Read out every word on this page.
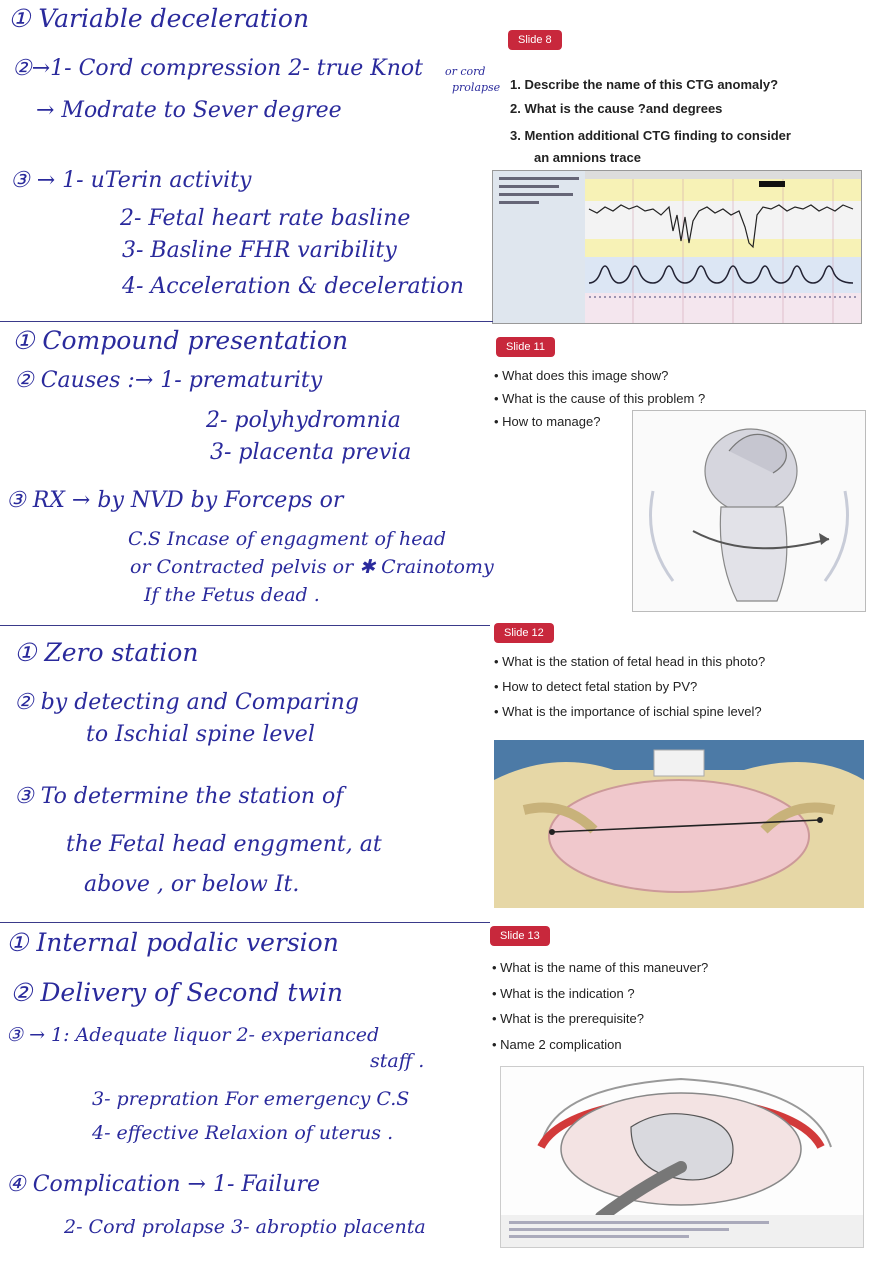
① Variable deceleration
②→1- Cord compression 2- true Knot or cord
prolapse
→ Modrate to Sever degree
③ → 1- uTerin activity
2- Fetal heart rate basline
3- Basline FHR varibility
4- Acceleration & deceleration
Slide 8
1. Describe the name of this CTG anomaly?
2. What is the cause ?and degrees
3. Mention additional CTG finding to consider
an amnions trace
① Compound presentation
② Causes :→ 1- prematurity
2- polyhydromnia
3- placenta previa
③ RX → by NVD by Forceps or
C.S Incase of engagment of head
or Contracted pelvis or ✱ Crainotomy
If the Fetus dead .
Slide 11
• What does this image show?
• What is the cause of this problem ?
• How to manage?
① Zero station
② by detecting and Comparing
to Ischial spine level
③ To determine the station of
the Fetal head enggment, at
above , or below It.
Slide 12
• What is the station of fetal head in this photo?
• How to detect fetal station by PV?
• What is the importance of ischial spine level?
① Internal podalic version
② Delivery of Second twin
③ → 1: Adequate liquor 2- experianced
staff .
3- prepration For emergency C.S
4- effective Relaxion of uterus .
④ Complication → 1- Failure
2- Cord prolapse 3- abroptio placenta
Slide 13
• What is the name of this maneuver?
• What is the indication ?
• What is the prerequisite?
• Name 2 complication
